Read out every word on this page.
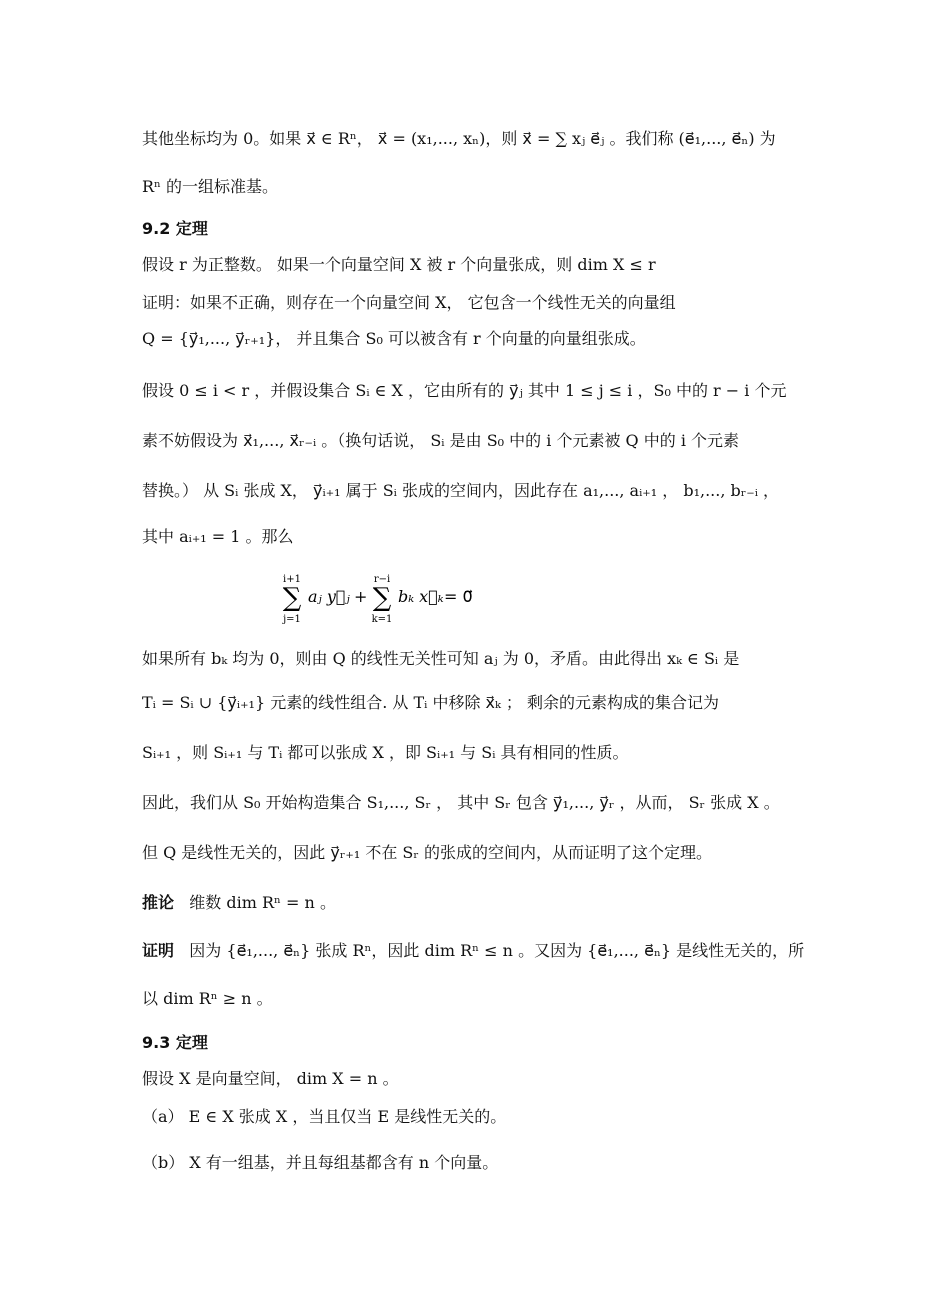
其他坐标均为 0。如果 x⃗ ∈ Rⁿ， x⃗ = (x₁,..., xₙ)，则 x⃗ = ∑ xⱼ e⃗ⱼ 。我们称 (e⃗₁,..., e⃗ₙ) 为
Rⁿ 的一组标准基。
9.2 定理
假设 r 为正整数。 如果一个向量空间 X 被 r 个向量张成，则 dim X ≤ r
证明：如果不正确，则存在一个向量空间 X， 它包含一个线性无关的向量组
Q = {y⃗₁,..., y⃗ᵣ₊₁}， 并且集合 S₀ 可以被含有 r 个向量的向量组张成。
假设 0 ≤ i < r ，并假设集合 Sᵢ ∈ X ，它由所有的 y⃗ⱼ 其中 1 ≤ j ≤ i ，S₀ 中的 r − i 个元
素不妨假设为 x⃗₁,..., x⃗ᵣ₋ᵢ 。（换句话说， Sᵢ 是由 S₀ 中的 i 个元素被 Q 中的 i 个元素
替换。） 从 Sᵢ 张成 X， y⃗ᵢ₊₁ 属于 Sᵢ 张成的空间内，因此存在 a₁,..., aᵢ₊₁ ， b₁,..., bᵣ₋ᵢ ，
其中 aᵢ₊₁ = 1 。那么
i+1
∑
j=1
aⱼ y⃗ⱼ +
r−i
∑
k=1
bₖ x⃗ₖ = 0⃗
如果所有 bₖ 均为 0，则由 Q 的线性无关性可知 aⱼ 为 0，矛盾。由此得出 xₖ ∈ Sᵢ 是
Tᵢ = Sᵢ ∪ {y⃗ᵢ₊₁} 元素的线性组合. 从 Tᵢ 中移除 x⃗ₖ ； 剩余的元素构成的集合记为
Sᵢ₊₁ ，则 Sᵢ₊₁ 与 Tᵢ 都可以张成 X ，即 Sᵢ₊₁ 与 Sᵢ 具有相同的性质。
因此，我们从 S₀ 开始构造集合 S₁,..., Sᵣ ， 其中 Sᵣ 包含 y⃗₁,..., y⃗ᵣ ，从而， Sᵣ 张成 X 。
但 Q 是线性无关的，因此 y⃗ᵣ₊₁ 不在 Sᵣ 的张成的空间内，从而证明了这个定理。
推论 维数 dim Rⁿ = n 。
证明 因为 {e⃗₁,..., e⃗ₙ} 张成 Rⁿ，因此 dim Rⁿ ≤ n 。又因为 {e⃗₁,..., e⃗ₙ} 是线性无关的，所
以 dim Rⁿ ≥ n 。
9.3 定理
假设 X 是向量空间， dim X = n 。
（a） E ∈ X 张成 X ，当且仅当 E 是线性无关的。
（b） X 有一组基，并且每组基都含有 n 个向量。
